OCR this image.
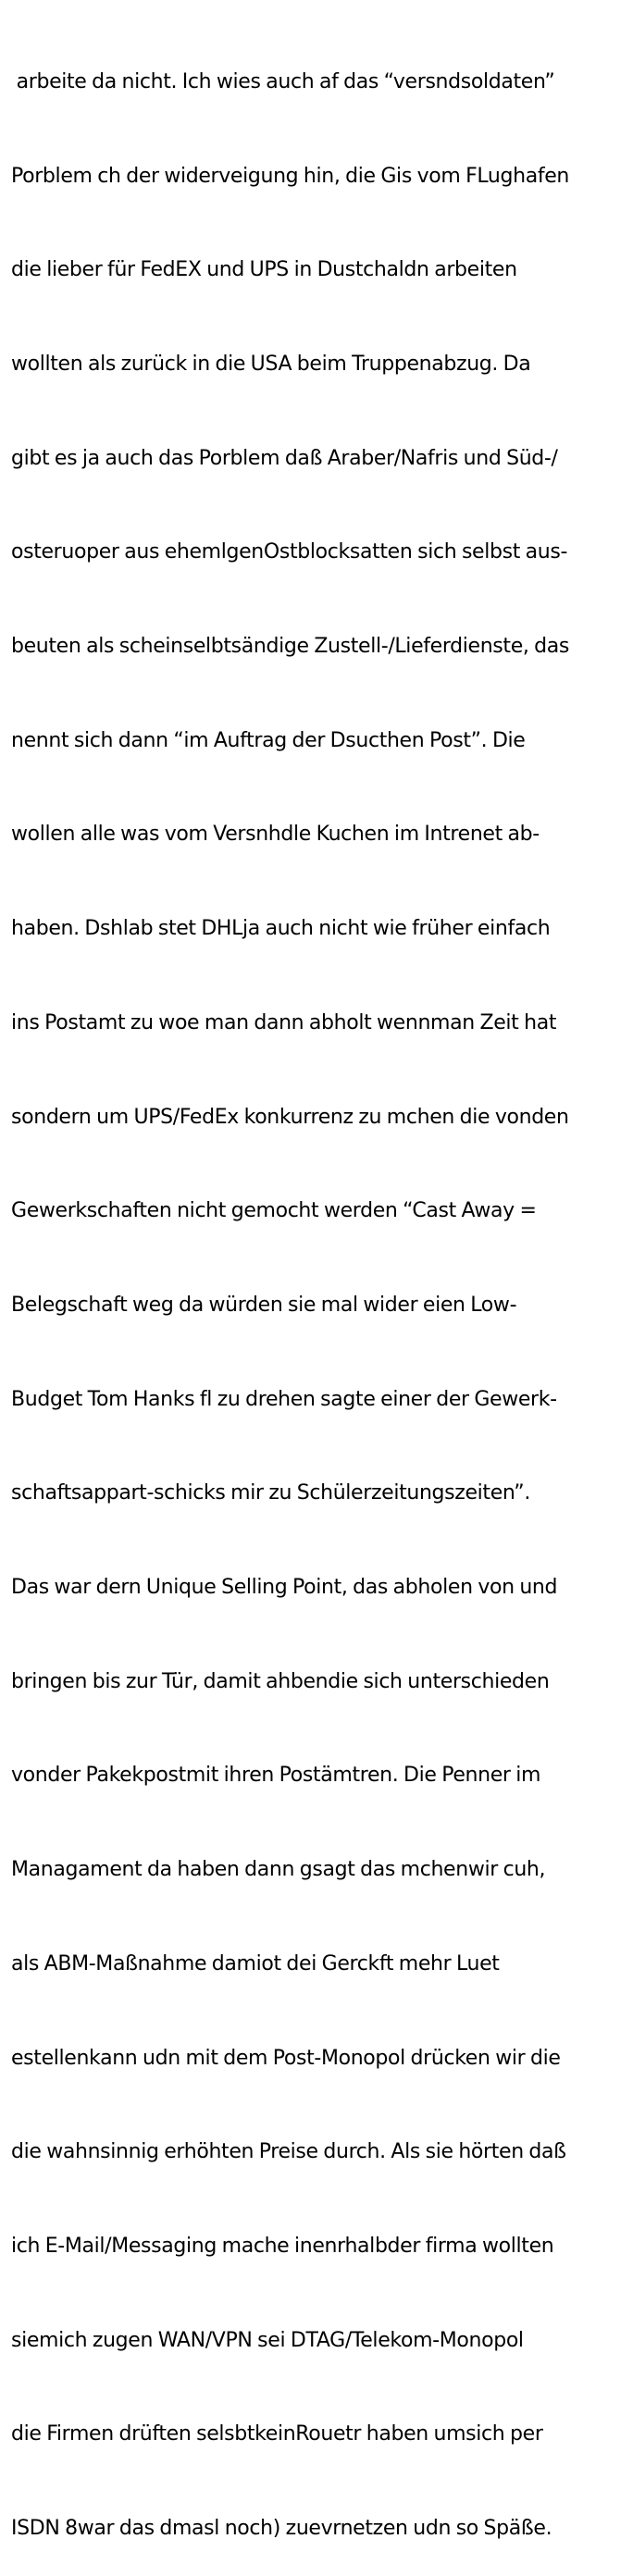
arbeite da nicht. Ich wies auch af das “versndsoldaten”

Porblem ch der widerveigung hin, die Gis vom FLughafen

die lieber für FedEX und UPS in Dustchaldn arbeiten

wollten als zurück in die USA beim Truppenabzug. Da

gibt es ja auch das Porblem daß Araber/Nafris und Süd-/

osteruoper aus ehemlgenOstblocksatten sich selbst aus-

beuten als scheinselbtsändige Zustell-/Lieferdienste, das

nennt sich dann “im Auftrag der Dsucthen Post”. Die

wollen alle was vom Versnhdle Kuchen im Intrenet ab-

haben. Dshlab stet DHLja auch nicht wie früher einfach

ins Postamt zu woe man dann abholt wennman Zeit hat

sondern um UPS/FedEx konkurrenz zu mchen die vonden

Gewerkschaften nicht gemocht werden “Cast Away =

Belegschaft weg da würden sie mal wider eien Low-

Budget Tom Hanks fl zu drehen sagte einer der Gewerk-

schaftsappart-schicks mir zu Schülerzeitungszeiten”.

Das war dern Unique Selling Point, das abholen von und

bringen bis zur Tür, damit ahbendie sich unterschieden

vonder Pakekpostmit ihren Postämtren. Die Penner im

Managament da haben dann gsagt das mchenwir cuh,

als ABM-Maßnahme damiot dei Gerckft mehr Luet

estellenkann udn mit dem Post-Monopol drücken wir die

die wahnsinnig erhöhten Preise durch. Als sie hörten daß

ich E-Mail/Messaging mache inenrhalbder firma wollten

siemich zugen WAN/VPN sei DTAG/Telekom-Monopol

die Firmen drüften selsbtkeinRouetr haben umsich per

ISDN 8war das dmasl noch) zuevrnetzen udn so Späße.
